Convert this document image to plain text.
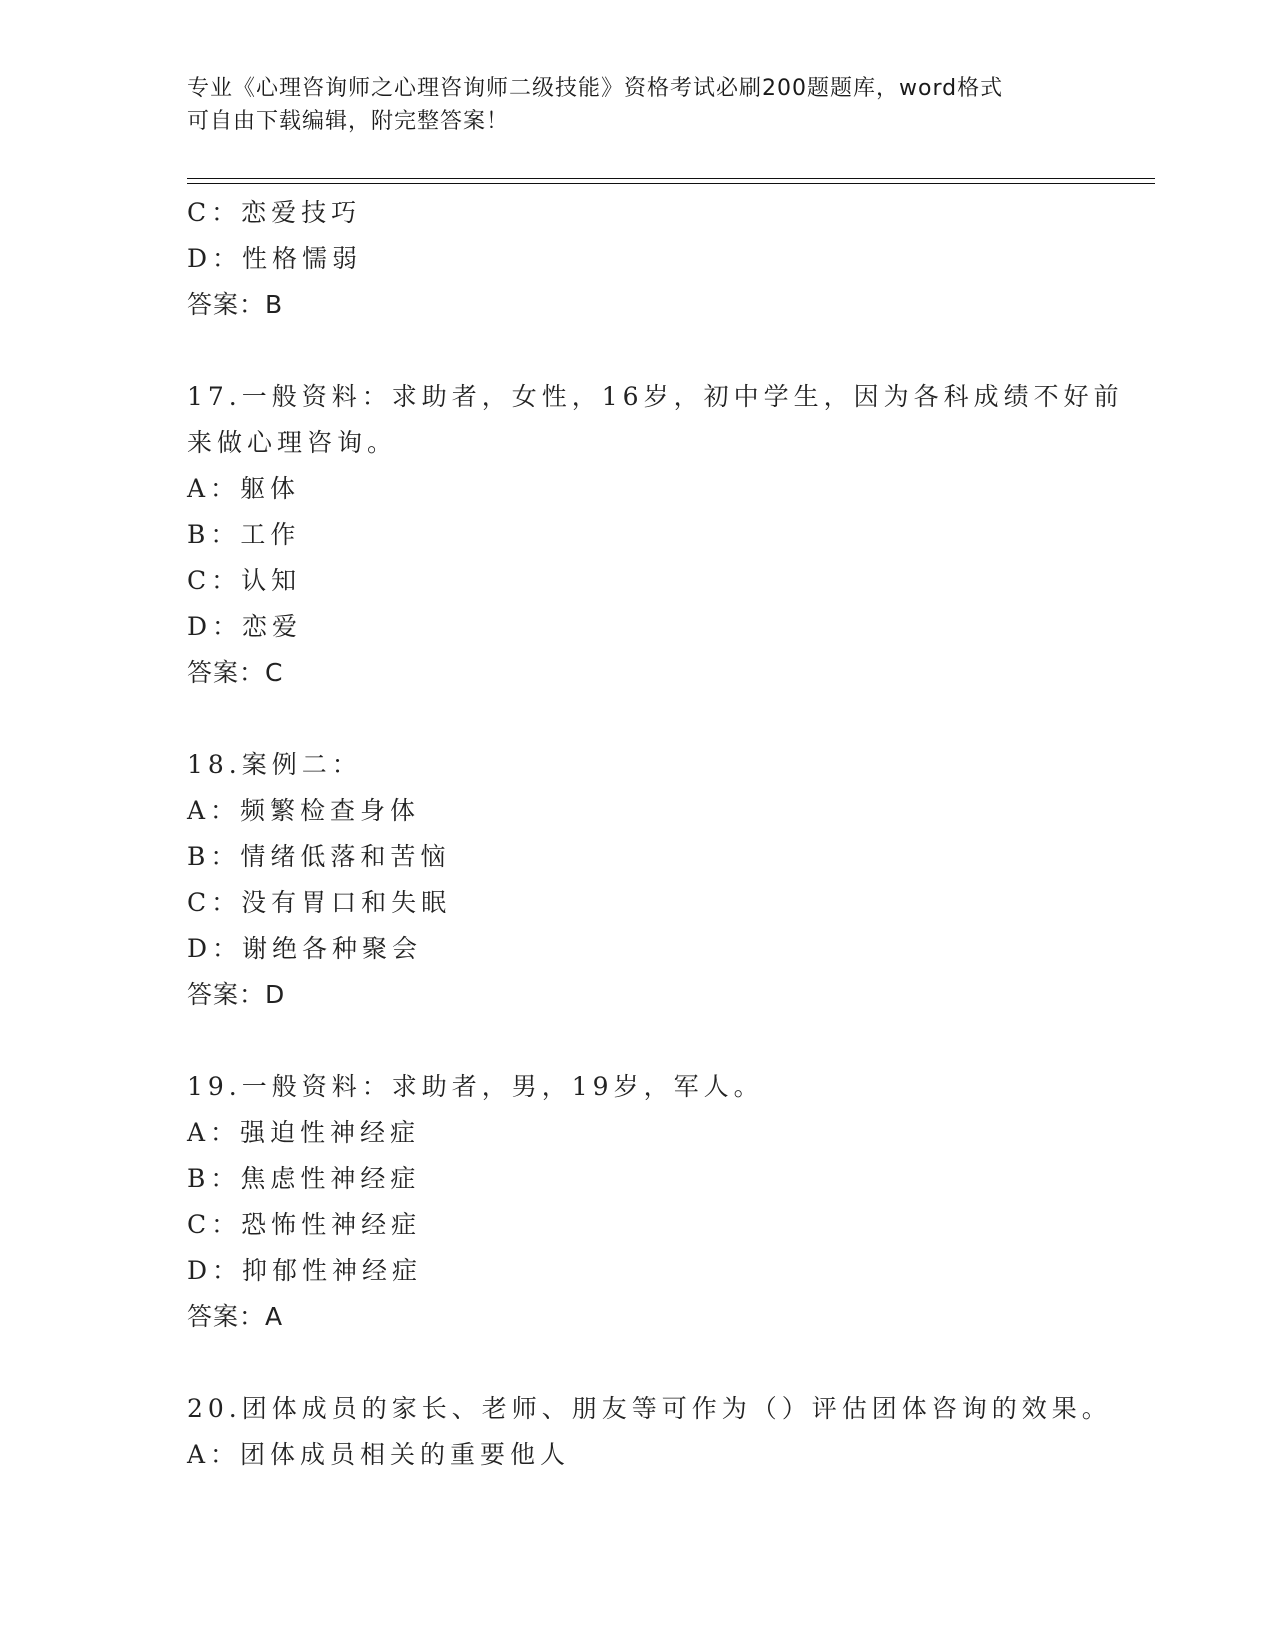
专业《心理咨询师之心理咨询师二级技能》资格考试必刷200题题库，word格式
可自由下载编辑，附完整答案！
C：恋爱技巧
D：性格懦弱
答案：B
17.一般资料：求助者，女性，16岁，初中学生，因为各科成绩不好前
来做心理咨询。
A：躯体
B：工作
C：认知
D：恋爱
答案：C
18.案例二：
A：频繁检查身体
B：情绪低落和苦恼
C：没有胃口和失眠
D：谢绝各种聚会
答案：D
19.一般资料：求助者，男，19岁，军人。
A：强迫性神经症
B：焦虑性神经症
C：恐怖性神经症
D：抑郁性神经症
答案：A
20.团体成员的家长、老师、朋友等可作为（）评估团体咨询的效果。
A：团体成员相关的重要他人
